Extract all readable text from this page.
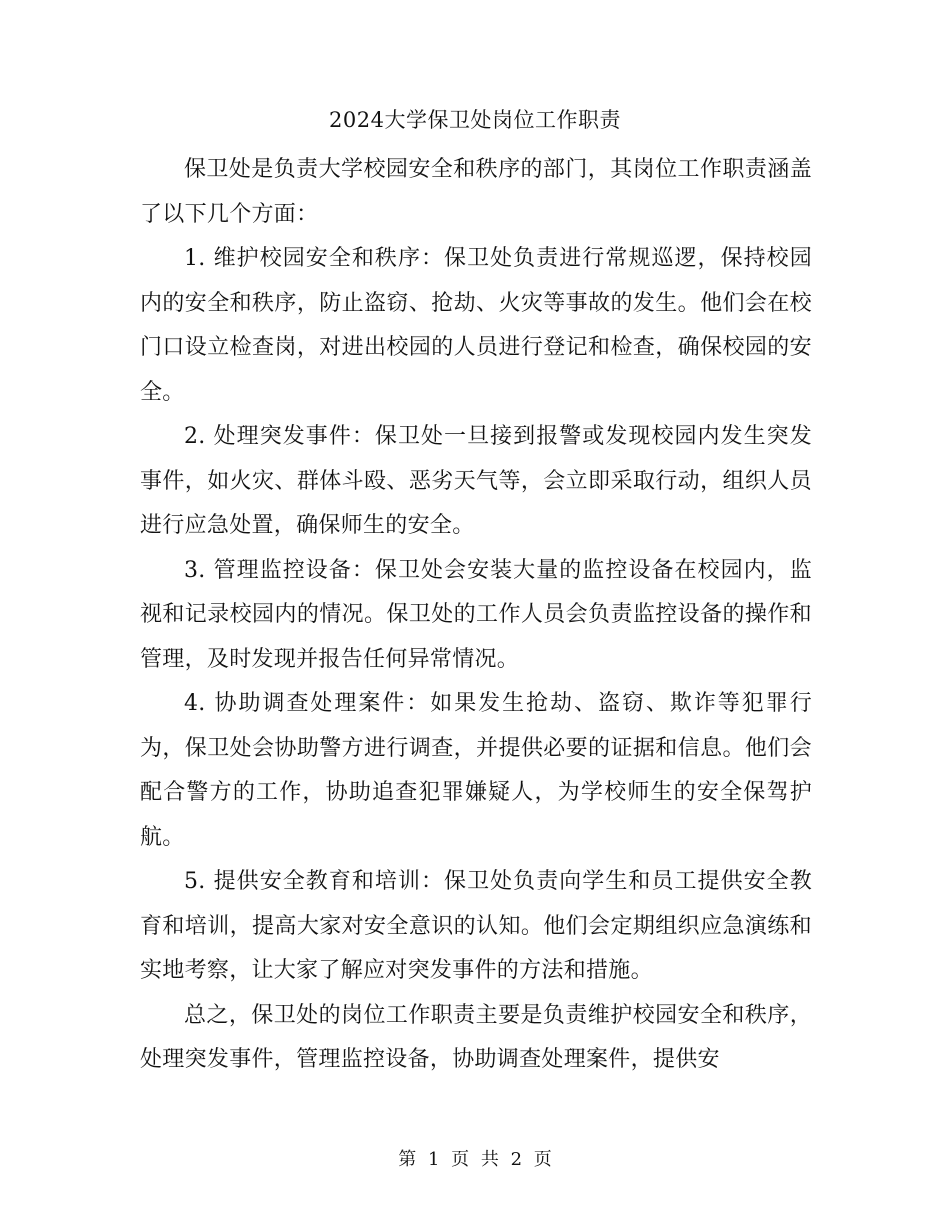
2024大学保卫处岗位工作职责

保卫处是负责大学校园安全和秩序的部门，其岗位工作职责涵盖了以下几个方面：

1. 维护校园安全和秩序：保卫处负责进行常规巡逻，保持校园内的安全和秩序，防止盗窃、抢劫、火灾等事故的发生。他们会在校门口设立检查岗，对进出校园的人员进行登记和检查，确保校园的安全。

2. 处理突发事件：保卫处一旦接到报警或发现校园内发生突发事件，如火灾、群体斗殴、恶劣天气等，会立即采取行动，组织人员进行应急处置，确保师生的安全。

3. 管理监控设备：保卫处会安装大量的监控设备在校园内，监视和记录校园内的情况。保卫处的工作人员会负责监控设备的操作和管理，及时发现并报告任何异常情况。

4. 协助调查处理案件：如果发生抢劫、盗窃、欺诈等犯罪行为，保卫处会协助警方进行调查，并提供必要的证据和信息。他们会配合警方的工作，协助追查犯罪嫌疑人，为学校师生的安全保驾护航。

5. 提供安全教育和培训：保卫处负责向学生和员工提供安全教育和培训，提高大家对安全意识的认知。他们会定期组织应急演练和实地考察，让大家了解应对突发事件的方法和措施。

总之，保卫处的岗位工作职责主要是负责维护校园安全和秩序，处理突发事件，管理监控设备，协助调查处理案件，提供安

第 1 页 共 2 页
